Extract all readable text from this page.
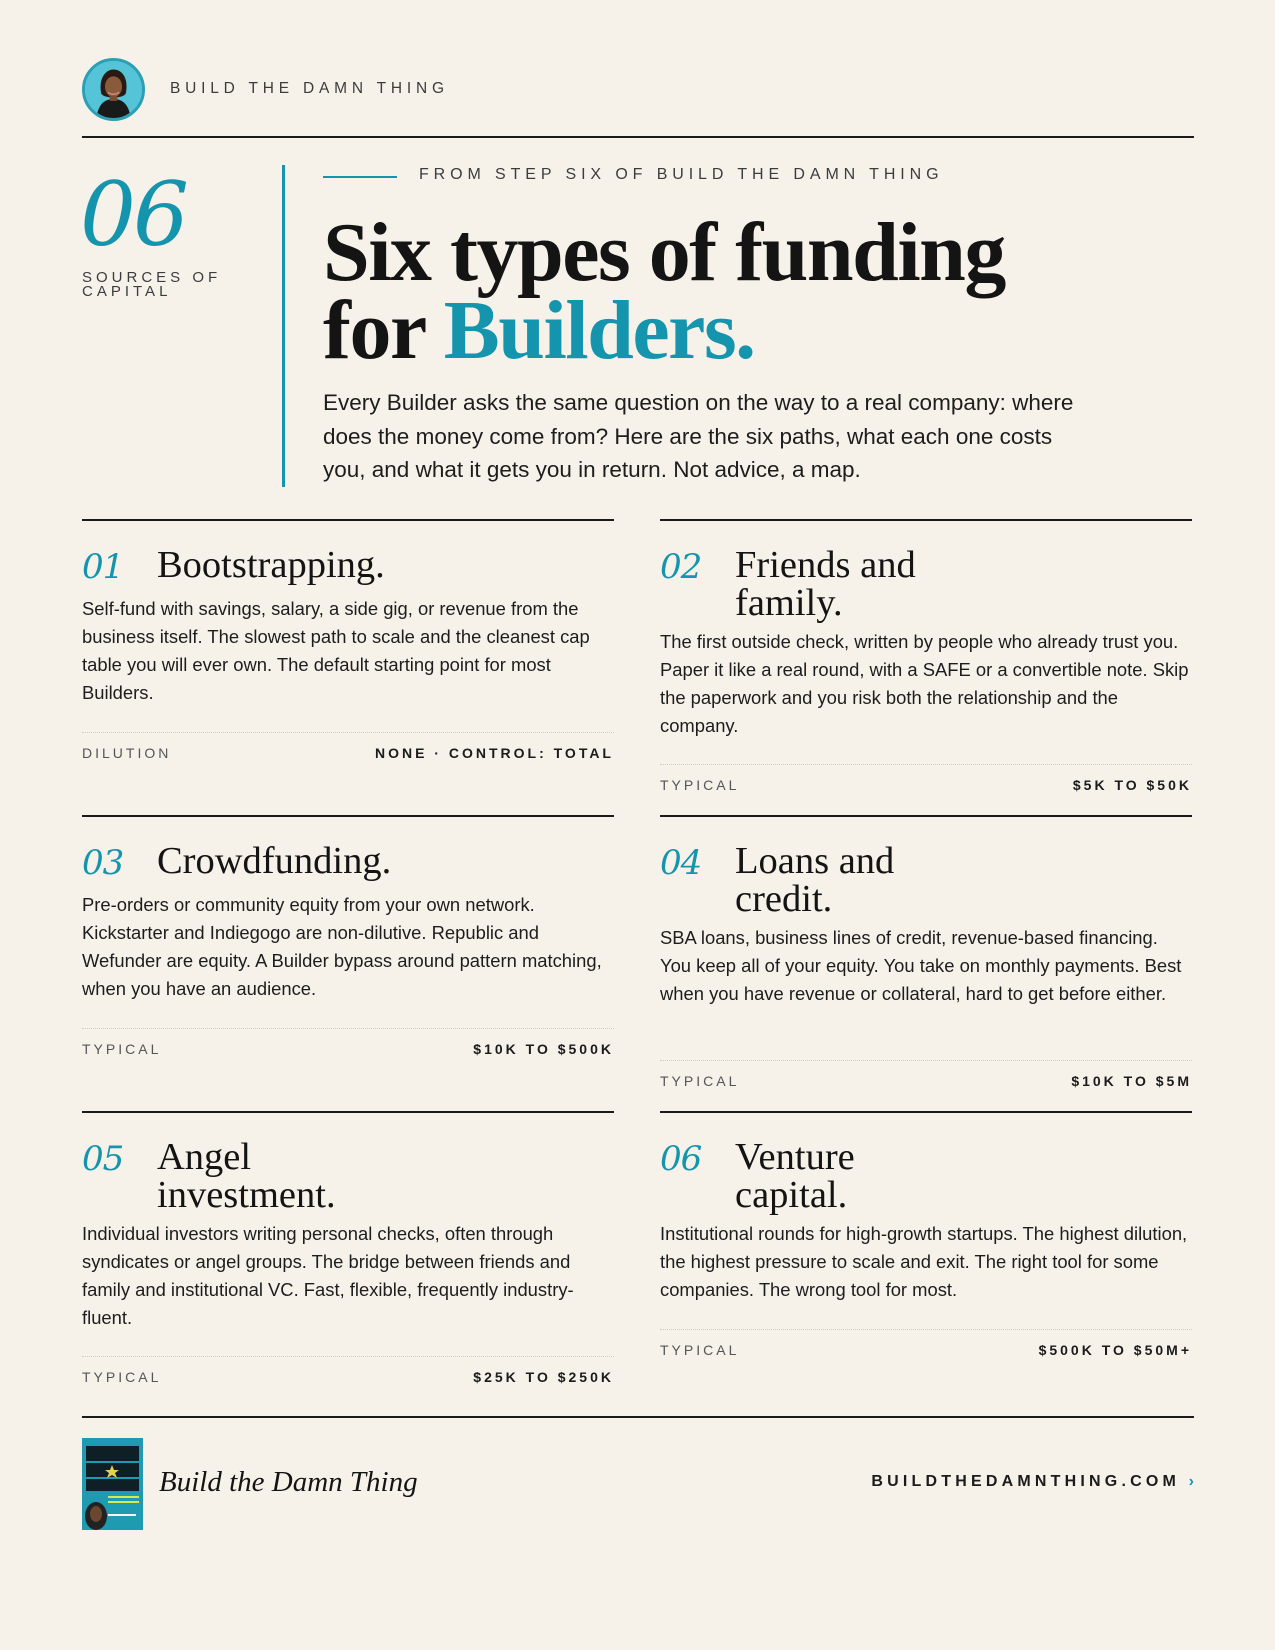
BUILD THE DAMN THING
06
SOURCES OF CAPITAL
FROM STEP SIX OF BUILD THE DAMN THING
Six types of funding
for Builders.

Every Builder asks the same question on the way to a real company: where does the money come from? Here are the six paths, what each one costs you, and what it gets you in return. Not advice, a map.

01 Bootstrapping.

Self-fund with savings, salary, a side gig, or revenue from the business itself. The slowest path to scale and the cleanest cap table you will ever own. The default starting point for most Builders.

DILUTION	NONE · CONTROL: TOTAL
02 Friends and
family.

The first outside check, written by people who already trust you. Paper it like a real round, with a SAFE or a convertible note. Skip the paperwork and you risk both the relationship and the company.

TYPICAL	$5K TO $50K
03 Crowdfunding.

Pre-orders or community equity from your own network. Kickstarter and Indiegogo are non-dilutive. Republic and Wefunder are equity. A Builder bypass around pattern matching, when you have an audience.

TYPICAL	$10K TO $500K
04 Loans and
credit.

SBA loans, business lines of credit, revenue-based financing. You keep all of your equity. You take on monthly payments. Best when you have revenue or collateral, hard to get before either.

TYPICAL	$10K TO $5M
05 Angel
investment.

Individual investors writing personal checks, often through syndicates or angel groups. The bridge between friends and family and institutional VC. Fast, flexible, frequently industry-fluent.

TYPICAL	$25K TO $250K
06 Venture
capital.

Institutional rounds for high-growth startups. The highest dilution, the highest pressure to scale and exit. The right tool for some companies. The wrong tool for most.

TYPICAL	$500K TO $50M+
Build the Damn Thing	BUILDTHEDAMNTHING.COM ›
